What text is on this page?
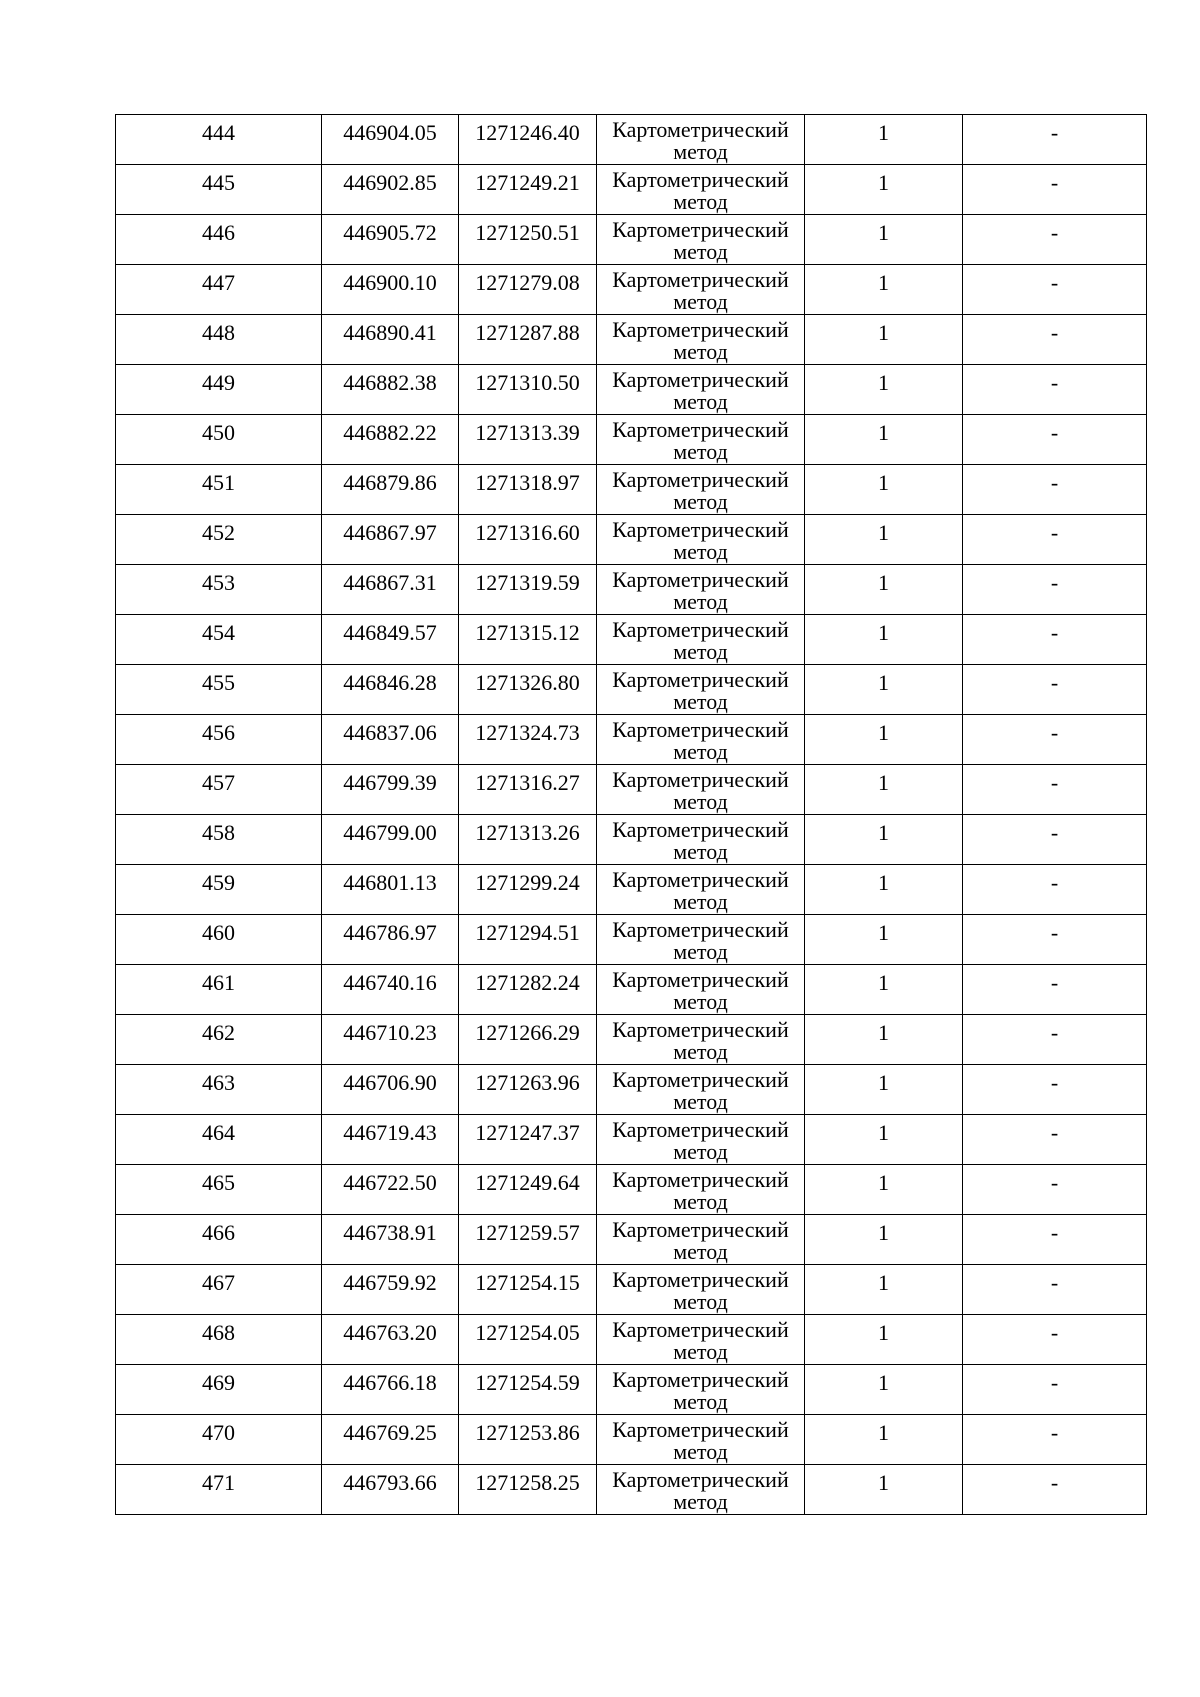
444	446904.05	1271246.40	Картометрический
метод	1	-

445	446902.85	1271249.21	Картометрический
метод	1	-

446	446905.72	1271250.51	Картометрический
метод	1	-

447	446900.10	1271279.08	Картометрический
метод	1	-

448	446890.41	1271287.88	Картометрический
метод	1	-

449	446882.38	1271310.50	Картометрический
метод	1	-

450	446882.22	1271313.39	Картометрический
метод	1	-

451	446879.86	1271318.97	Картометрический
метод	1	-

452	446867.97	1271316.60	Картометрический
метод	1	-

453	446867.31	1271319.59	Картометрический
метод	1	-

454	446849.57	1271315.12	Картометрический
метод	1	-

455	446846.28	1271326.80	Картометрический
метод	1	-

456	446837.06	1271324.73	Картометрический
метод	1	-

457	446799.39	1271316.27	Картометрический
метод	1	-

458	446799.00	1271313.26	Картометрический
метод	1	-

459	446801.13	1271299.24	Картометрический
метод	1	-

460	446786.97	1271294.51	Картометрический
метод	1	-

461	446740.16	1271282.24	Картометрический
метод	1	-

462	446710.23	1271266.29	Картометрический
метод	1	-

463	446706.90	1271263.96	Картометрический
метод	1	-

464	446719.43	1271247.37	Картометрический
метод	1	-

465	446722.50	1271249.64	Картометрический
метод	1	-

466	446738.91	1271259.57	Картометрический
метод	1	-

467	446759.92	1271254.15	Картометрический
метод	1	-

468	446763.20	1271254.05	Картометрический
метод	1	-

469	446766.18	1271254.59	Картометрический
метод	1	-

470	446769.25	1271253.86	Картометрический
метод	1	-

471	446793.66	1271258.25	Картометрический
метод	1	-
